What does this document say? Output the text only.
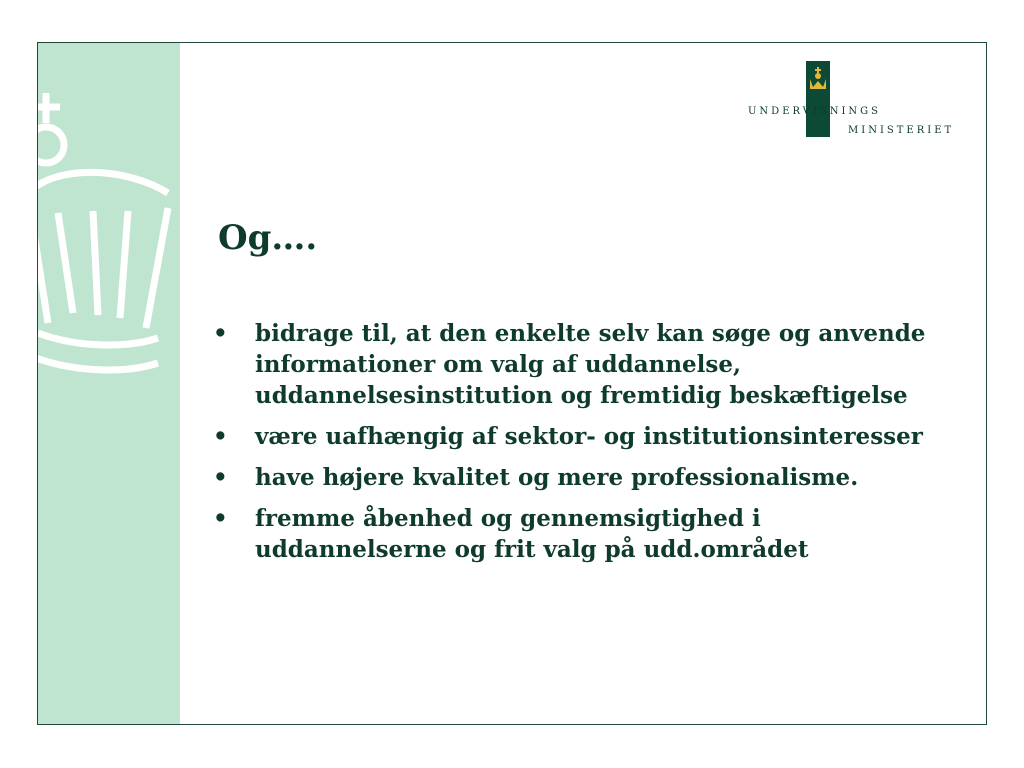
UNDERVISNINGS
MINISTERIET
Og….
• bidrage til, at den enkelte selv kan søge og anvende informationer om valg af uddannelse, uddannelsesinstitution og fremtidig beskæftigelse
• være uafhængig af sektor- og institutionsinteresser
• have højere kvalitet og mere professionalisme.
• fremme åbenhed og gennemsigtighed i uddannelserne og frit valg på udd.området
